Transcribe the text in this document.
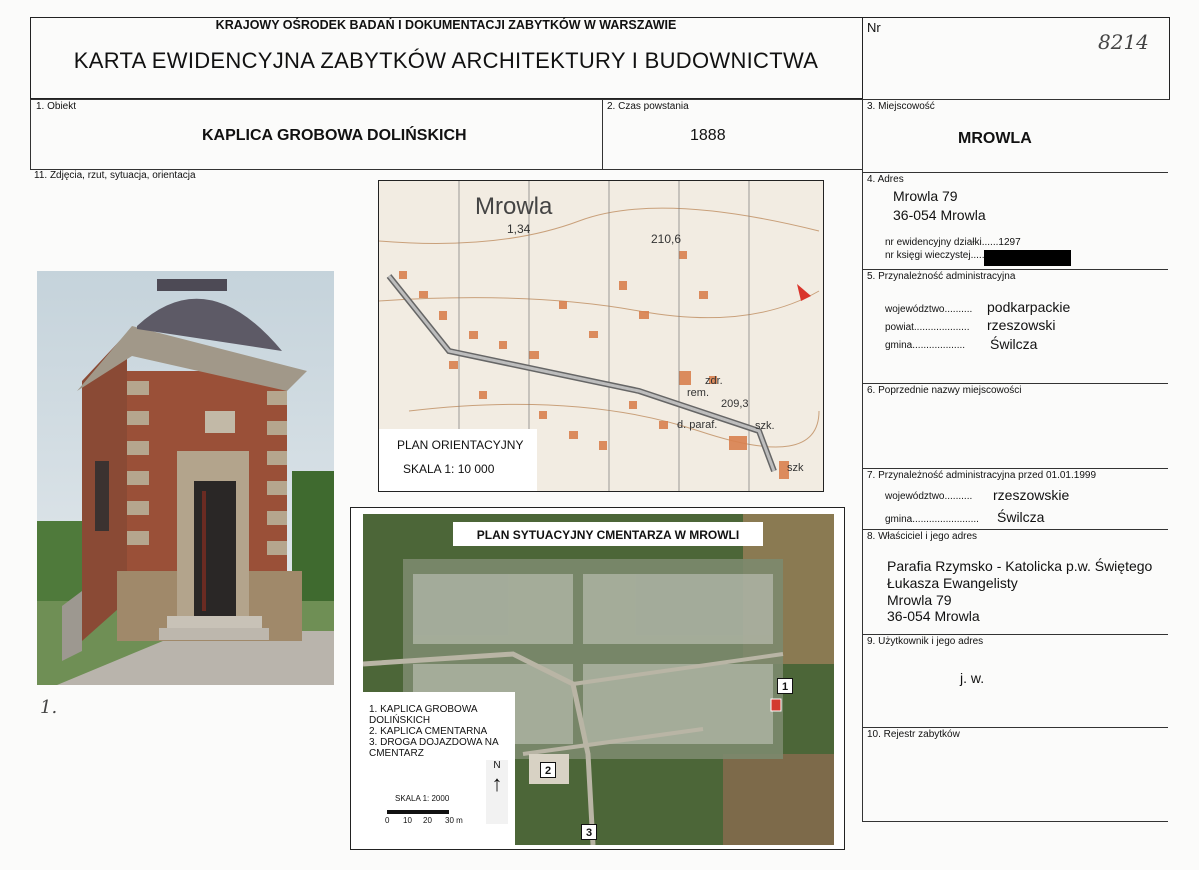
KRAJOWY OŚRODEK BADAŃ I DOKUMENTACJI ZABYTKÓW W WARSZAWIE
KARTA EWIDENCYJNA ZABYTKÓW ARCHITEKTURY I BUDOWNICTWA
Nr
8214
1. Obiekt
KAPLICA GROBOWA DOLIŃSKICH
2. Czas powstania
1888
3. Miejscowość
MROWLA
4. Adres
Mrowla 79
36-054 Mrowla
nr ewidencyjny działki......1297
nr księgi wieczystej.....
5. Przynależność administracyjna
województwo.......... podkarpackie
powiat.................... rzeszowski
gmina................... Świlcza
6. Poprzednie nazwy miejscowości
7. Przynależność administracyjna przed 01.01.1999
województwo.......... rzeszowskie
gmina........................ Świlcza
8. Właściciel i jego adres
Parafia Rzymsko - Katolicka p.w. Świętego
Łukasza Ewangelisty
Mrowla 79
36-054 Mrowla
9. Użytkownik i jego adres
j. w.
10. Rejestr zabytków
11. Zdjęcia, rzut, sytuacja, orientacja
1.
Mrowla
1,34
210,6
zdr.
rem.
209,3
d. paraf.	szk.
szk
PLAN ORIENTACYJNY
SKALA 1: 10 000
PLAN SYTUACYJNY CMENTARZA W MROWLI
1. KAPLICA GROBOWA
DOLIŃSKICH
2. KAPLICA CMENTARNA
3. DROGA DOJAZDOWA NA
CMENTARZ
N
↑
SKALA 1: 2000
0 10 20 30 m
1
2
3
